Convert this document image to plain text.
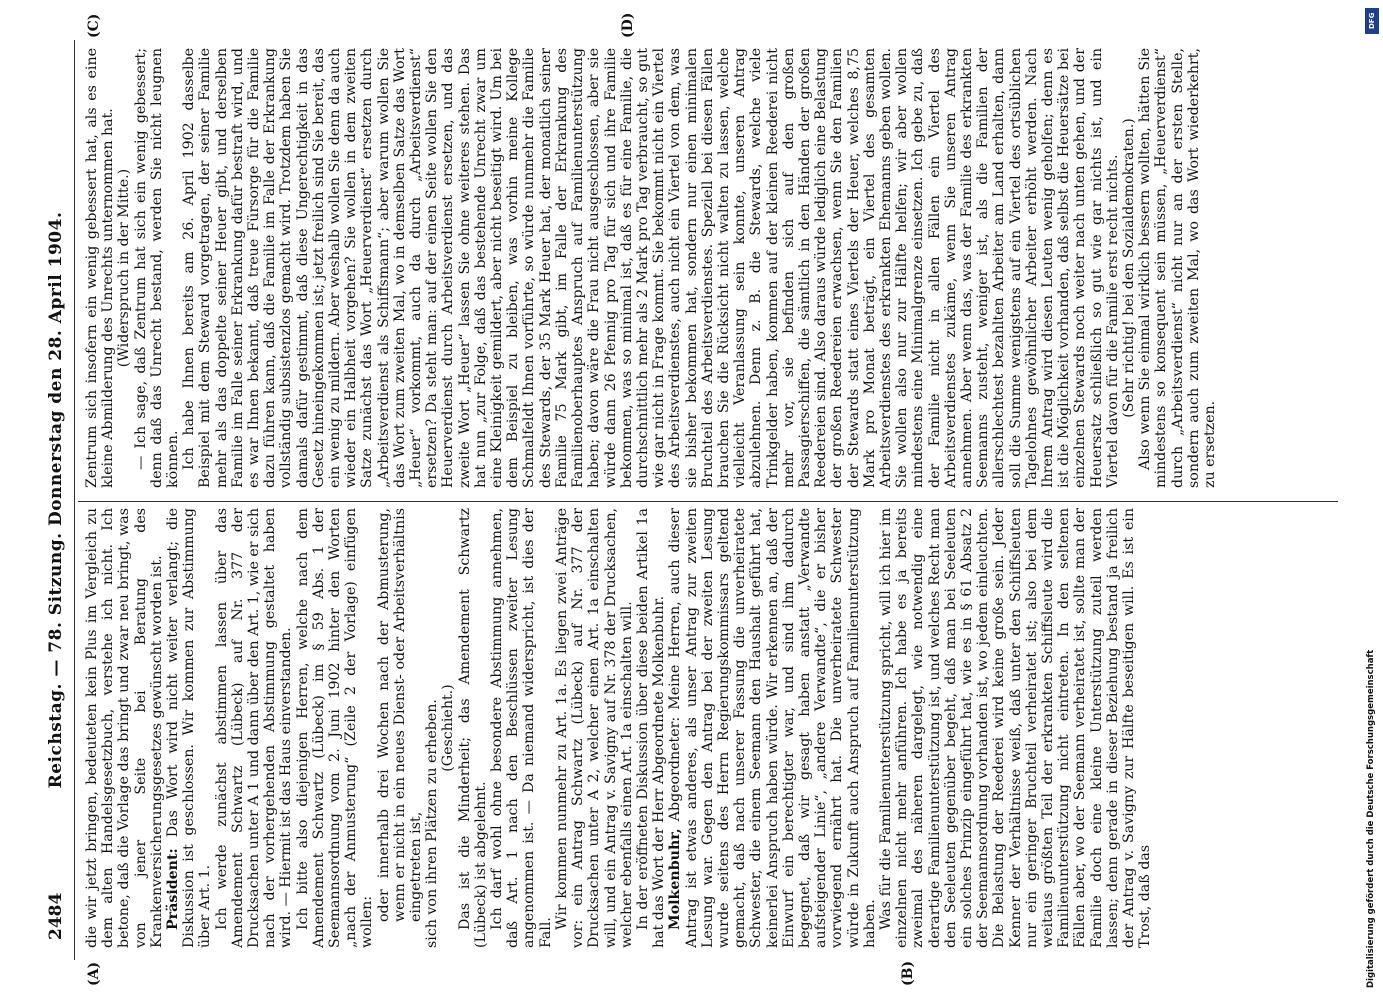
2484
Reichstag. — 78. Sitzung. Donnerstag den 28. April 1904.
(A)	(B)
(C)	(D)

die wir jetzt bringen, bedeuteten kein Plus im Vergleich zu dem alten Handelsgesetzbuch, verstehe ich nicht. Ich betone, daß die Vorlage das bringt und zwar neu bringt, was von jener Seite bei Beratung des Krankenversicherungsgesetzes gewünscht worden ist. Präsident: Das Wort wird nicht weiter verlangt; die Diskussion ist geschlossen. Wir kommen zur Abstimmung über Art. 1. Ich werde zunächst abstimmen lassen über das Amendement Schwartz (Lübeck) auf Nr. 377 der Drucksachen unter A 1 und dann über den Art. 1, wie er sich nach der vorhergehenden Abstimmung gestaltet haben wird. — Hiermit ist das Haus einverstanden. Ich bitte also diejenigen Herren, welche nach dem Amendement Schwartz (Lübeck) im § 59 Abs. 1 der Seemannsordnung vom 2. Juni 1902 hinter den Worten „nach der Anmusterung“ (Zeile 2 der Vorlage) einfügen wollen: oder innerhalb drei Wochen nach der Abmusterung, wenn er nicht in ein neues Dienst- oder Arbeitsverhältnis eingetreten ist, sich von ihren Plätzen zu erheben. (Geschieht.) Das ist die Minderheit; das Amendement Schwartz (Lübeck) ist abgelehnt. Ich darf wohl ohne besondere Abstimmung annehmen, daß Art. 1 nach den Beschlüssen zweiter Lesung angenommen ist. — Da niemand widerspricht, ist dies der Fall.

Wir kommen nunmehr zu Art. 1a. Es liegen zwei Anträge vor: ein Antrag Schwartz (Lübeck) auf Nr. 377 der Drucksachen unter A 2, welcher einen Art. 1a einschalten will, und ein Antrag v. Savigny auf Nr. 378 der Drucksachen, welcher ebenfalls einen Art. 1a einschalten will. In der eröffneten Diskussion über diese beiden Artikel 1a hat das Wort der Herr Abgeordnete Molkenbuhr. Molkenbuhr, Abgeordneter: Meine Herren, auch dieser Antrag ist etwas anderes, als unser Antrag zur zweiten Lesung war. Gegen den Antrag bei der zweiten Lesung wurde seitens des Herrn Regierungskommissars geltend gemacht, daß nach unserer Fassung die unverheiratete Schwester, die einem Seemann den Haushalt geführt hat, keinerlei Anspruch haben würde. Wir erkennen an, daß der Einwurf ein berechtigter war, und sind ihm dadurch begegnet, daß wir gesagt haben anstatt „Verwandte aufsteigender Linie“, „andere Verwandte“, die er bisher vorwiegend ernährt hat. Die unverheiratete Schwester würde in Zukunft auch Anspruch auf Familienunterstützung haben. Was für die Familienunterstützung spricht, will ich hier im einzelnen nicht mehr anführen. Ich habe es ja bereits zweimal des näheren dargelegt, wie notwendig eine derartige Familienunterstützung ist, und welches Recht man den Seeleuten gegenüber begeht, daß man bei Seeleuten ein solches Prinzip eingeführt hat, wie es in § 61 Absatz 2 der Seemannsordnung vorhanden ist, wo jedem einleuchten. Die Belastung der Reederei wird keine große sein. Jeder Kenner der Verhältnisse weiß, daß unter den Schiffsleuten nur ein geringer Bruchteil verheiratet ist; also bei dem weitaus größten Teil der erkrankten Schiffsleute wird die Familienunterstützung nicht eintreten. In den seltenen Fällen aber, wo der Seemann verheiratet ist, sollte man der Familie doch eine kleine Unterstützung zuteil werden lassen; denn gerade in dieser Beziehung bestand ja freilich der Antrag v. Savigny zur Hälfte beseitigen will. Es ist ein Trost, daß das

Zentrum sich insofern ein wenig gebessert hat, als es eine kleine Abmilderung des Unrechts unternommen hat. (Widerspruch in der Mitte.) — Ich sage, daß Zentrum hat sich ein wenig gebessert; denn daß das Unrecht bestand, werden Sie nicht leugnen können. Ich habe Ihnen bereits am 26. April 1902 dasselbe Beispiel mit dem Steward vorgetragen, der seiner Familie mehr als das doppelte seiner Heuer gibt, und derselben Familie im Falle seiner Erkrankung dafür bestraft wird, und es war Ihnen bekannt, daß treue Fürsorge für die Familie dazu führen kann, daß die Familie im Falle der Erkrankung vollständig subsistenzlos gemacht wird. Trotzdem haben Sie damals dafür gestimmt, daß diese Ungerechtigkeit in das Gesetz hineingekommen ist; jetzt freilich sind Sie bereit, das ein wenig zu mildern. Aber weshalb wollen Sie denn da auch wieder ein Halbheit vorgehen? Sie wollen in dem zweiten Satze zunächst das Wort „Heuerverdienst“ ersetzen durch „Arbeitsverdienst als Schiffsmann“; aber warum wollen Sie das Wort zum zweiten Mal, wo in demselben Satze das Wort „Heuer“ vorkommt, auch da durch „Arbeitsverdienst“ ersetzen? Da steht man: auf der einen Seite wollen Sie den Heuerverdienst durch Arbeitsverdienst ersetzen, und das zweite Wort „Heuer“ lassen Sie ohne weiteres stehen. Das hat nun „zur Folge, daß das bestehende Unrecht zwar um eine Kleinigkeit gemildert, aber nicht beseitigt wird. Um bei dem Beispiel zu bleiben, was vorhin meine Kollege Schmalfeldt Ihnen vorführte, so würde nunmehr die Familie des Stewards, der 35 Mark Heuer hat, der monatlich seiner Familie 75 Mark gibt, im Falle der Erkrankung des Familienoberhauptes Anspruch auf Familienunterstützung haben; davon wäre die Frau nicht ausgeschlossen, aber sie würde dann 26 Pfennig pro Tag für sich und ihre Familie bekommen, was so minimal ist, daß es für eine Familie, die durchschnittlich mehr als 2 Mark pro Tag verbraucht, so gut wie gar nicht in Frage kommt. Sie bekommt nicht ein Viertel des Arbeitsverdienstes, auch nicht ein Viertel von dem, was sie bisher bekommen hat, sondern nur einen minimalen Bruchteil des Arbeitsverdienstes. Speziell bei diesen Fällen brauchen Sie die Rücksicht nicht walten zu lassen, welche vielleicht Veranlassung sein konnte, unseren Antrag abzulehnen. Denn z. B. die Stewards, welche viele Trinkgelder haben, kommen auf der kleinen Reederei nicht mehr vor, sie befinden sich auf den großen Passagierschiffen, die sämtlich in den Händen der großen Reedereien sind. Also daraus würde lediglich eine Belastung der großen Reedereien erwachsen, wenn Sie den Familien der Stewards statt eines Viertels der Heuer, welches 8,75 Mark pro Monat beträgt, ein Viertel des gesamten Arbeitsverdienstes des erkrankten Ehemanns geben wollen. Sie wollen also nur zur Hälfte helfen; wir aber wollen mindestens eine Minimalgrenze einsetzen. Ich gebe zu, daß der Familie nicht in allen Fällen ein Viertel des Arbeitsverdienstes zukäme, wenn Sie unseren Antrag annehmen. Aber wenn das, was der Familie des erkrankten Seemanns zusteht, weniger ist, als die Familien der allerschlechtest bezahlten Arbeiter am Land erhalten, dann soll die Summe wenigstens auf ein Viertel des ortsüblichen Tagelohnes gewöhnlicher Arbeiter erhöht werden. Nach Ihrem Antrag wird diesen Leuten wenig geholfen; denn es ist die Möglichkeit vorhanden, daß selbst die Heuersätze bei einzelnen Stewards noch weiter nach unten gehen, und der Heuersatz schließlich so gut wie gar nichts ist, und ein Viertel davon für die Familie erst recht nichts. (Sehr richtig! bei den Sozialdemokraten.) Also wenn Sie einmal wirklich bessern wollten, hätten Sie mindestens so konsequent sein müssen, „Heuerverdienst“ durch „Arbeitsverdienst“ nicht nur an der ersten Stelle, sondern auch zum zweiten Mal, wo das Wort wiederkehrt, zu ersetzen.

DFG
Digitalisierung gefördert durch die Deutsche Forschungsgemeinschaft
